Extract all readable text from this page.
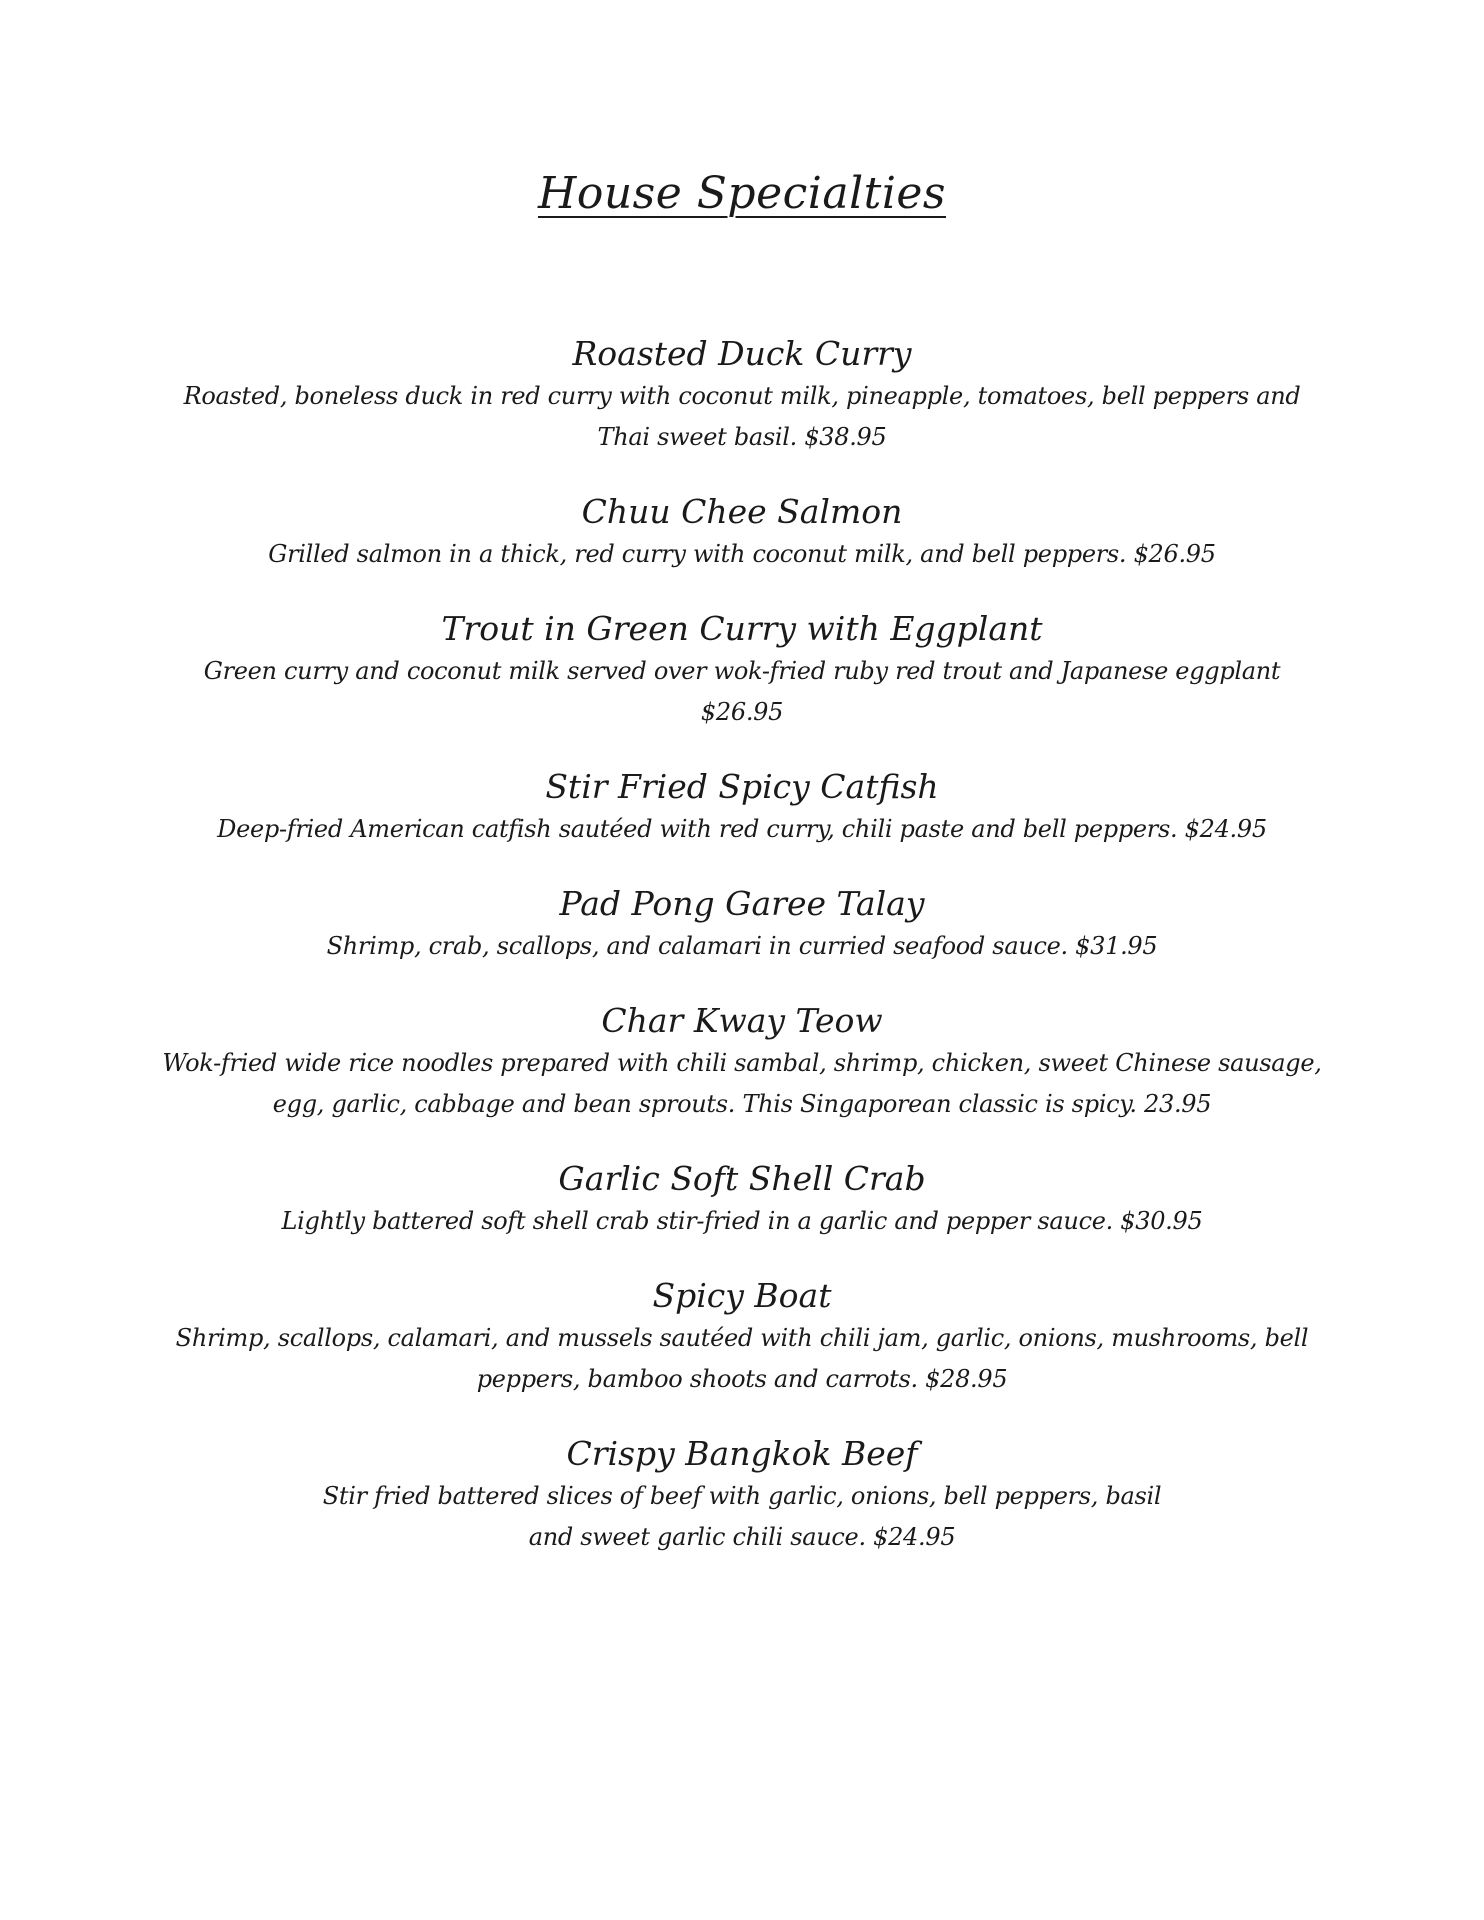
House Specialties
Roasted Duck Curry
Roasted, boneless duck in red curry with coconut milk, pineapple, tomatoes, bell peppers and
Thai sweet basil. $38.95
Chuu Chee Salmon
Grilled salmon in a thick, red curry with coconut milk, and bell peppers. $26.95
Trout in Green Curry with Eggplant
Green curry and coconut milk served over wok-fried ruby red trout and Japanese eggplant
$26.95
Stir Fried Spicy Catfish
Deep-fried American catfish sautéed with red curry, chili paste and bell peppers. $24.95
Pad Pong Garee Talay
Shrimp, crab, scallops, and calamari in curried seafood sauce. $31.95
Char Kway Teow
Wok-fried wide rice noodles prepared with chili sambal, shrimp, chicken, sweet Chinese sausage,
egg, garlic, cabbage and bean sprouts. This Singaporean classic is spicy. 23.95
Garlic Soft Shell Crab
Lightly battered soft shell crab stir-fried in a garlic and pepper sauce. $30.95
Spicy Boat
Shrimp, scallops, calamari, and mussels sautéed with chili jam, garlic, onions, mushrooms, bell
peppers, bamboo shoots and carrots. $28.95
Crispy Bangkok Beef
Stir fried battered slices of beef with garlic, onions, bell peppers, basil
and sweet garlic chili sauce. $24.95
